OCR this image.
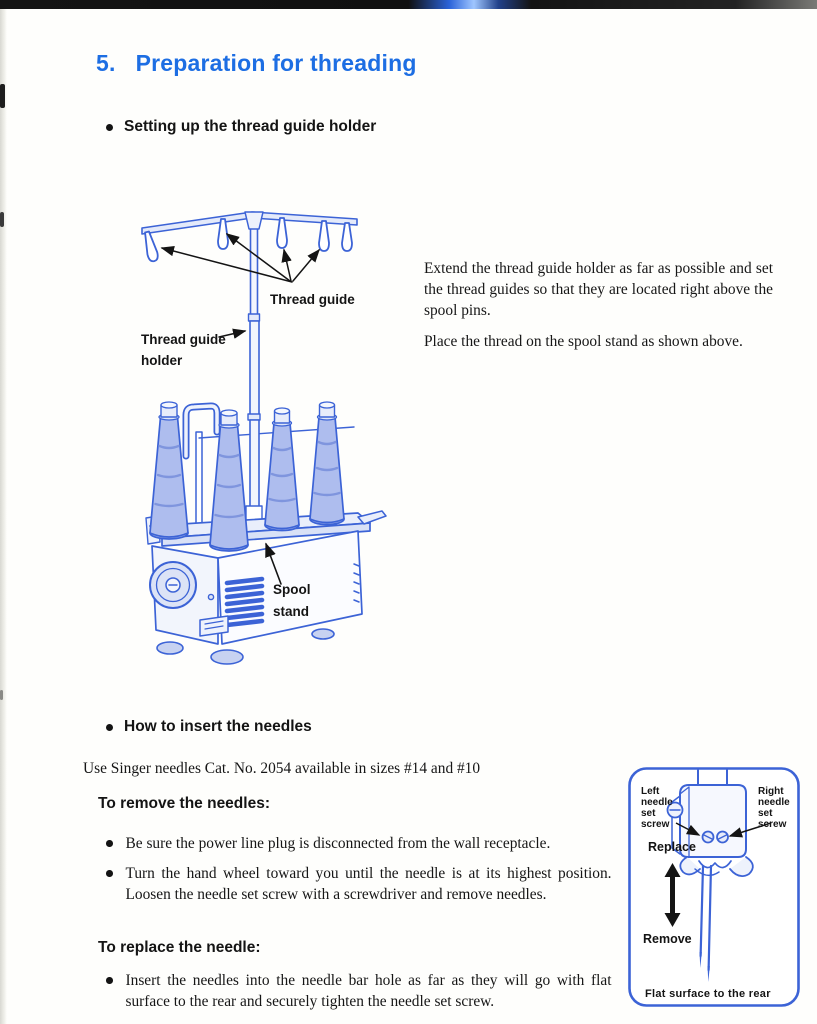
5. Preparation for threading
Setting up the thread guide holder
Thread guide
Thread guide
holder
Spool
stand

Extend the thread guide holder as far as possible and set the thread guides so that they are located right above the spool pins.

Place the thread on the spool stand as shown above.

How to insert the needles

Use Singer needles Cat. No. 2054 available in sizes #14 and #10

To remove the needles:
Be sure the power line plug is disconnected from the wall receptacle.
Turn the hand wheel toward you until the needle is at its highest position. Loosen the needle set screw with a screwdriver and remove needles.
To replace the needle:
Insert the needles into the needle bar hole as far as they will go with flat surface to the rear and securely tighten the needle set screw.
Left
needle
set
screw
Right
needle
set
screw
Replace
Remove
Flat surface to the rear
